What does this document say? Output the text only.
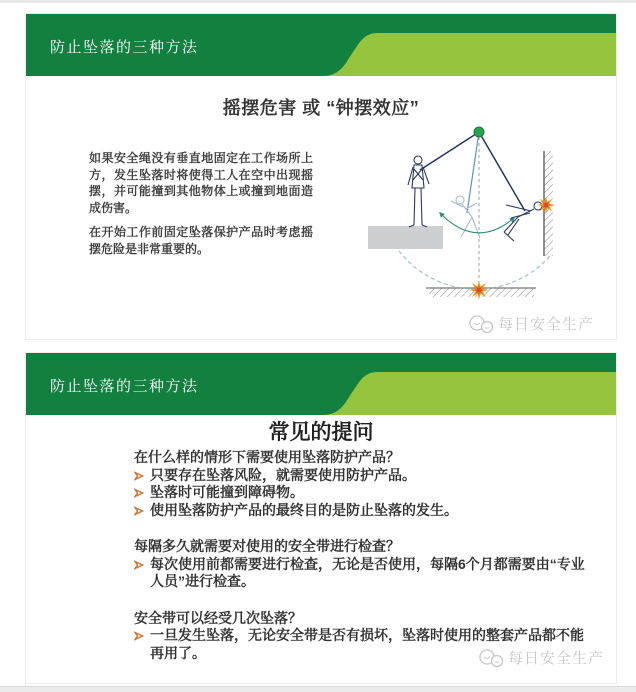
防止坠落的三种方法
摇摆危害 或 “钟摆效应”

如果安全绳没有垂直地固定在工作场所上方，发生坠落时将使得工人在空中出现摇摆，并可能撞到其他物体上或撞到地面造成伤害。

在开始工作前固定坠落保护产品时考虑摇摆危险是非常重要的。

每日安全生产
防止坠落的三种方法
常见的提问

在什么样的情形下需要使用坠落防护产品？

只要存在坠落风险，就需要使用防护产品。
坠落时可能撞到障碍物。
使用坠落防护产品的最终目的是防止坠落的发生。

每隔多久就需要对使用的安全带进行检查？

每次使用前都需要进行检查，无论是否使用，每隔6个月都需要由“专业人员”进行检查。

安全带可以经受几次坠落？

一旦发生坠落，无论安全带是否有损坏，坠落时使用的整套产品都不能再用了。	每日安全生产
